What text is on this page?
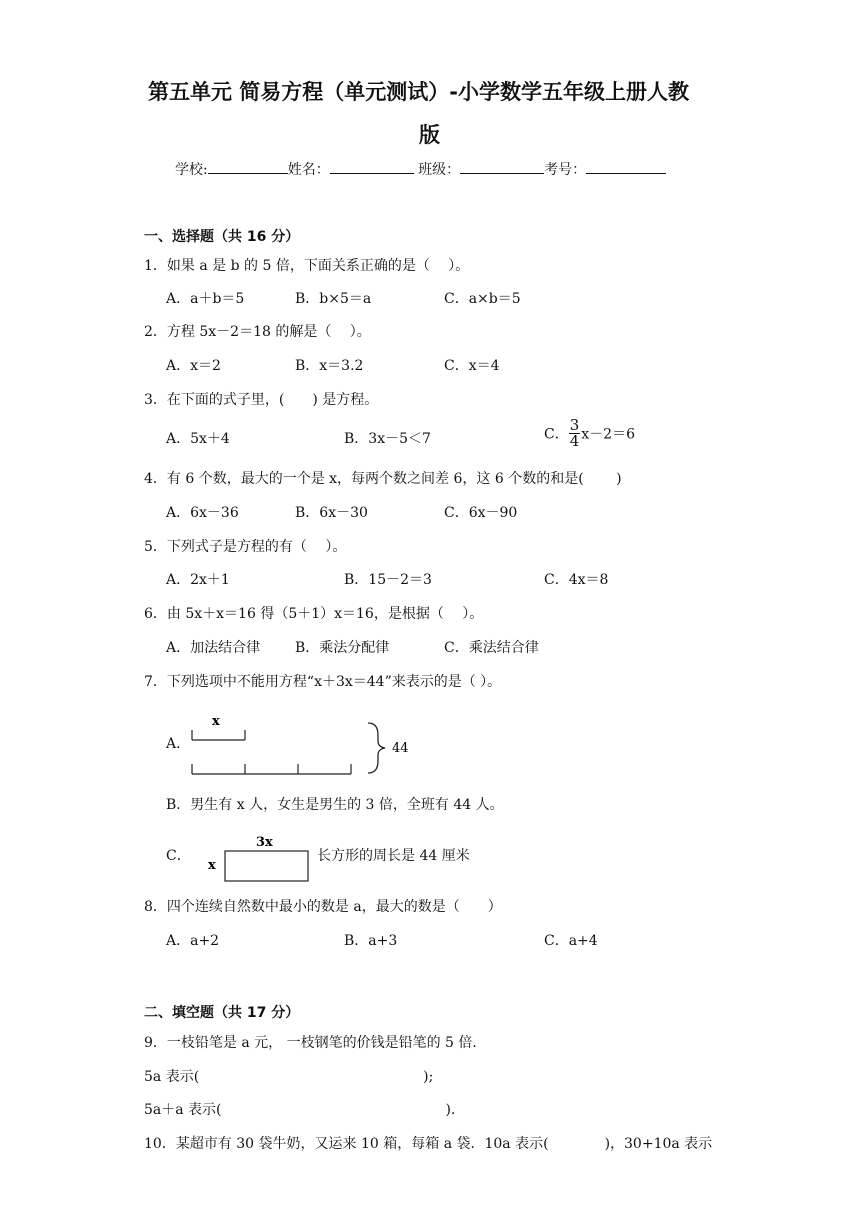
第五单元 简易方程（单元测试）-小学数学五年级上册人教
版
学校:	姓名：	班级：	考号：
一、选择题（共 16 分）
1．如果 a 是 b 的 5 倍，下面关系正确的是（　 ）。
A．a＋b＝5	B．b×5＝a	C．a×b＝5
2．方程 5x－2＝18 的解是（　 ）。
A．x＝2	B．x＝3.2	C．x＝4
3．在下面的式子里，(　　) 是方程。
A．5x＋4	B．3x－5＜7	C． $\frac{3}{4} x-2=6$
4．有 6 个数，最大的一个是 x，每两个数之间差 6，这 6 个数的和是(　　 )
A．6x－36	B．6x－30	C．6x－90
5．下列式子是方程的有（　 ）。
A．2x＋1	B．15－2＝3	C．4x＝8
6．由 5x＋x＝16 得（5＋1）x＝16，是根据（　 ）。
A．加法结合律 B．乘法分配律	C．乘法结合律
7．下列选项中不能用方程“x＋3x＝44”来表示的是（ ）。
A．
x
44
B．男生有 x 人，女生是男生的 3 倍，全班有 44 人。
C．
3x
x
长方形的周长是 44 厘米
8．四个连续自然数中最小的数是 a，最大的数是（　　）
A．a+2	B．a+3	C．a+4
二、填空题（共 17 分）
9．一枝铅笔是 a 元， 一枝钢笔的价钱是铅笔的 5 倍．
5a 表示(　　　　　　　　　　　　　　　　);
5a＋a 表示(　　　　　　　　　　　　　　　　)．
10．某超市有 30 袋牛奶，又运来 10 箱，每箱 a 袋．10a 表示(　　　　)，30+10a 表示
